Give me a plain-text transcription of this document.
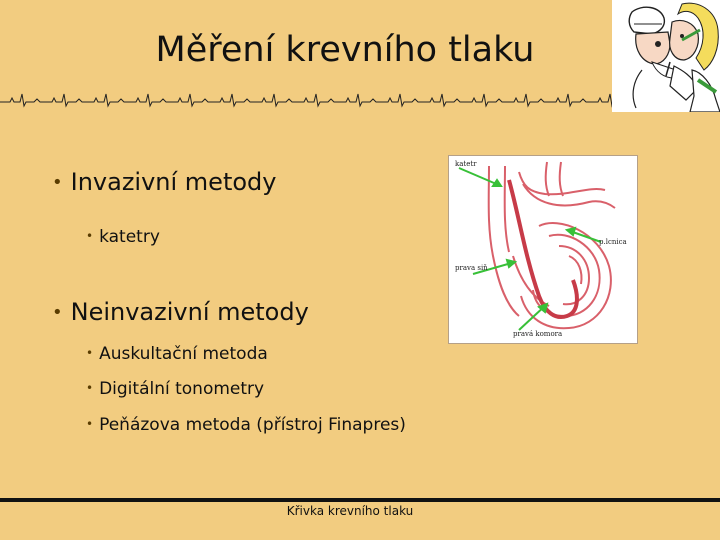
Měření krevního tlaku
• Invazivní metody
• katetry
• Neinvazivní metody
• Auskultační metoda
• Digitální tonometry
• Peňázova metoda (přístroj Finapres)
katetr
p.lcnica
prava siň
pravá komora
Křivka krevního tlaku
